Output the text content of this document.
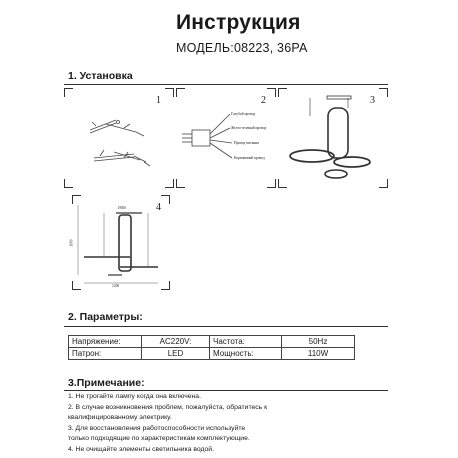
Инструкция
МОДЕЛЬ:08223, 36PA
1. Установка
1	2
Голубой провод
Желто-зеленый провод
Провод питания
Коричневый провод
3
4
Ø300
1000
1200
2. Параметры:
Напряжение:	AC220V:	Частота:	50Hz
Патрон:	LED	Мощность:	110W
3.Примечание:
1. Не трогайте лампу когда она включена.
2. В случае возникновения проблем, пожалуйста, обратитесь к
квалифицированному электрику.
3. Для восстановления работоспособности используйте
только подходящие по характеристикам комплектующие.
4. Не очищайте элементы светильника водой.
